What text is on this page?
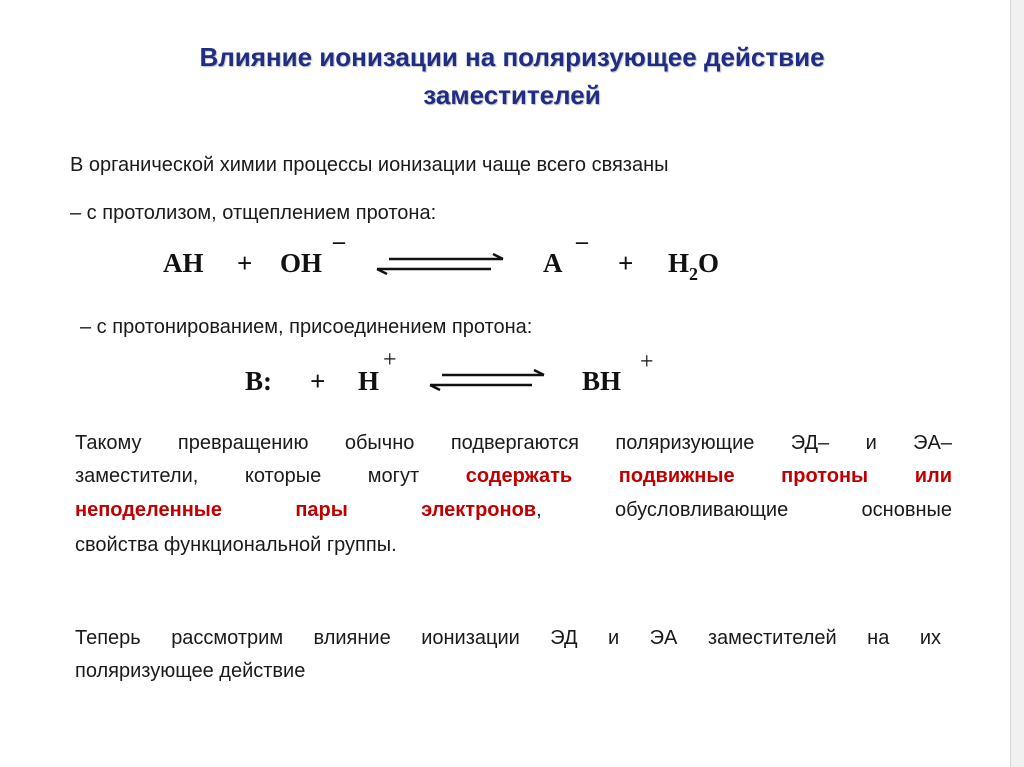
Влияние ионизации на поляризующее действие
заместителей
В органической химии процессы ионизации чаще всего связаны
– с протолизом, отщеплением протона:
AH + OH
–
A
–
+ $H_2O$
– с протонированием, присоединением протона:
B: + H
+
BH
+
Такому превращению обычно подвергаются поляризующие ЭД– и ЭА–
заместители, которые могут содержать подвижные протоны или
неподеленные пары электронов, обусловливающие основные
свойства функциональной группы.
Теперь рассмотрим влияние ионизации ЭД и ЭА заместителей на их
поляризующее действие
